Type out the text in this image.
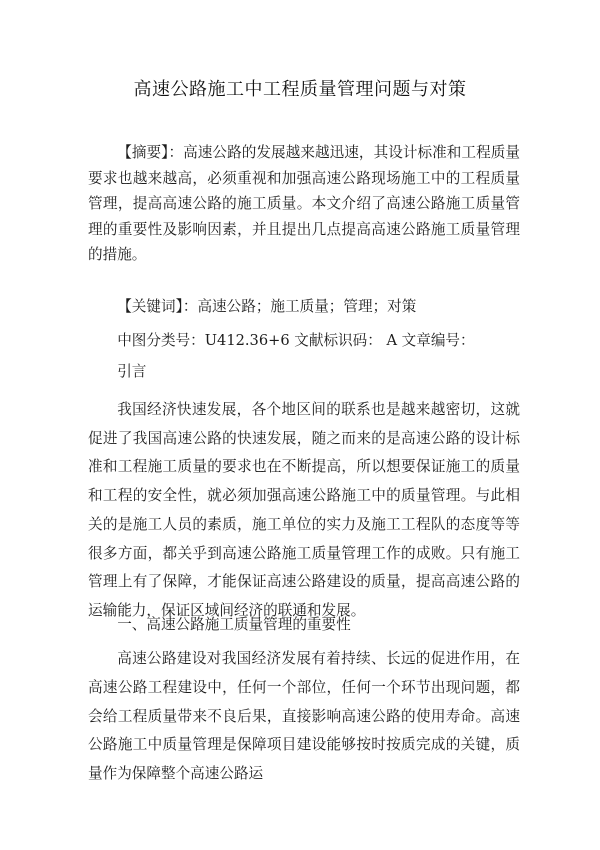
高速公路施工中工程质量管理问题与对策
【摘要】：高速公路的发展越来越迅速，其设计标准和工程质量要求也越来越高，必须重视和加强高速公路现场施工中的工程质量管理，提高高速公路的施工质量。本文介绍了高速公路施工质量管理的重要性及影响因素，并且提出几点提高高速公路施工质量管理的措施。
【关键词】：高速公路；施工质量；管理；对策
中图分类号：U412.36+6 文献标识码： A 文章编号：
引言
我国经济快速发展，各个地区间的联系也是越来越密切，这就促进了我国高速公路的快速发展，随之而来的是高速公路的设计标准和工程施工质量的要求也在不断提高，所以想要保证施工的质量和工程的安全性，就必须加强高速公路施工中的质量管理。与此相关的是施工人员的素质，施工单位的实力及施工工程队的态度等等很多方面，都关乎到高速公路施工质量管理工作的成败。只有施工管理上有了保障，才能保证高速公路建设的质量，提高高速公路的运输能力，保证区域间经济的联通和发展。
一、高速公路施工质量管理的重要性
高速公路建设对我国经济发展有着持续、长远的促进作用，在高速公路工程建设中，任何一个部位，任何一个环节出现问题，都会给工程质量带来不良后果，直接影响高速公路的使用寿命。高速公路施工中质量管理是保障项目建设能够按时按质完成的关键，质量作为保障整个高速公路运
